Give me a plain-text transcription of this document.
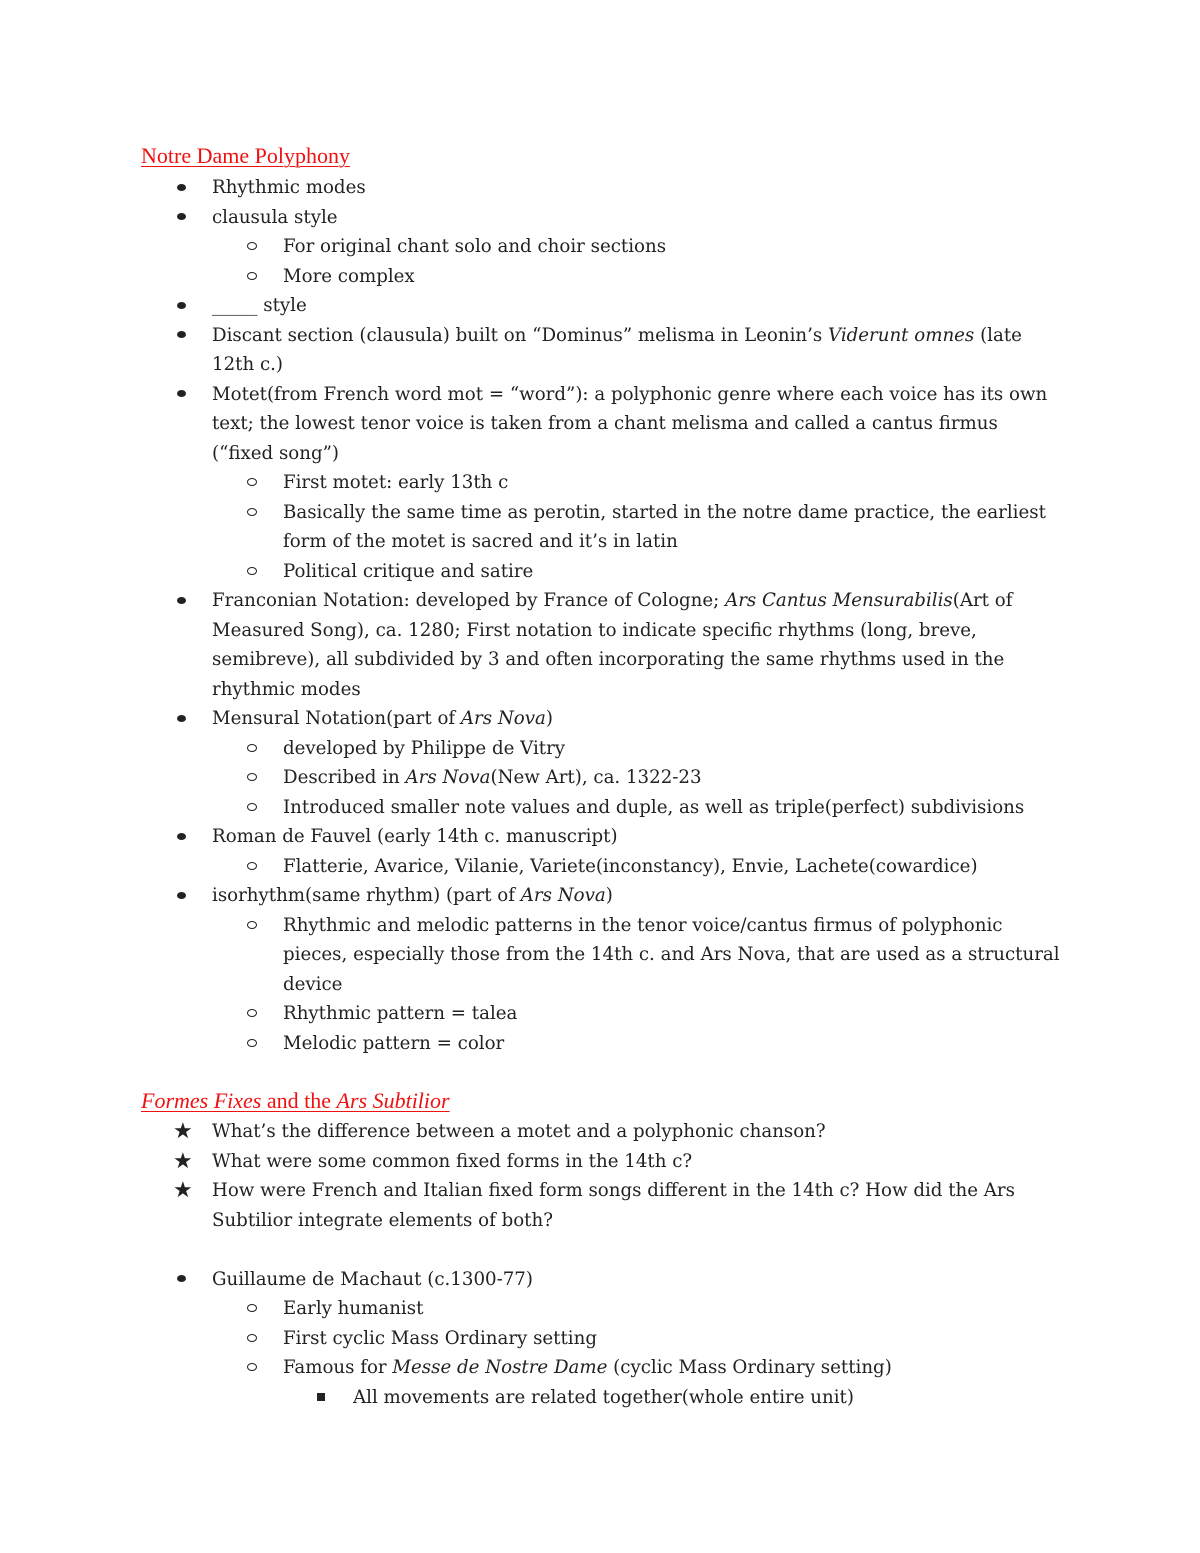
Notre Dame Polyphony
Rhythmic modes
clausula style
For original chant solo and choir sections
More complex
_____ style
Discant section (clausula) built on “Dominus” melisma in Leonin’s Viderunt omnes (late 12th c.)
Motet(from French word mot = “word”): a polyphonic genre where each voice has its own text; the lowest tenor voice is taken from a chant melisma and called a cantus firmus (“fixed song”)
First motet: early 13th c
Basically the same time as perotin, started in the notre dame practice, the earliest form of the motet is sacred and it’s in latin
Political critique and satire
Franconian Notation: developed by France of Cologne; Ars Cantus Mensurabilis(Art of Measured Song), ca. 1280; First notation to indicate specific rhythms (long, breve, semibreve), all subdivided by 3 and often incorporating the same rhythms used in the rhythmic modes
Mensural Notation(part of Ars Nova)
developed by Philippe de Vitry
Described in Ars Nova(New Art), ca. 1322-23
Introduced smaller note values and duple, as well as triple(perfect) subdivisions
Roman de Fauvel (early 14th c. manuscript)
Flatterie, Avarice, Vilanie, Variete(inconstancy), Envie, Lachete(cowardice)
isorhythm(same rhythm) (part of Ars Nova)
Rhythmic and melodic patterns in the tenor voice/cantus firmus of polyphonic pieces, especially those from the 14th c. and Ars Nova, that are used as a structural device
Rhythmic pattern = talea
Melodic pattern = color
Formes Fixes and the Ars Subtilior
★ What’s the difference between a motet and a polyphonic chanson?
★ What were some common fixed forms in the 14th c?
★ How were French and Italian fixed form songs different in the 14th c? How did the Ars Subtilior integrate elements of both?
Guillaume de Machaut (c.1300-77)
Early humanist
First cyclic Mass Ordinary setting
Famous for Messe de Nostre Dame (cyclic Mass Ordinary setting)
All movements are related together(whole entire unit)
